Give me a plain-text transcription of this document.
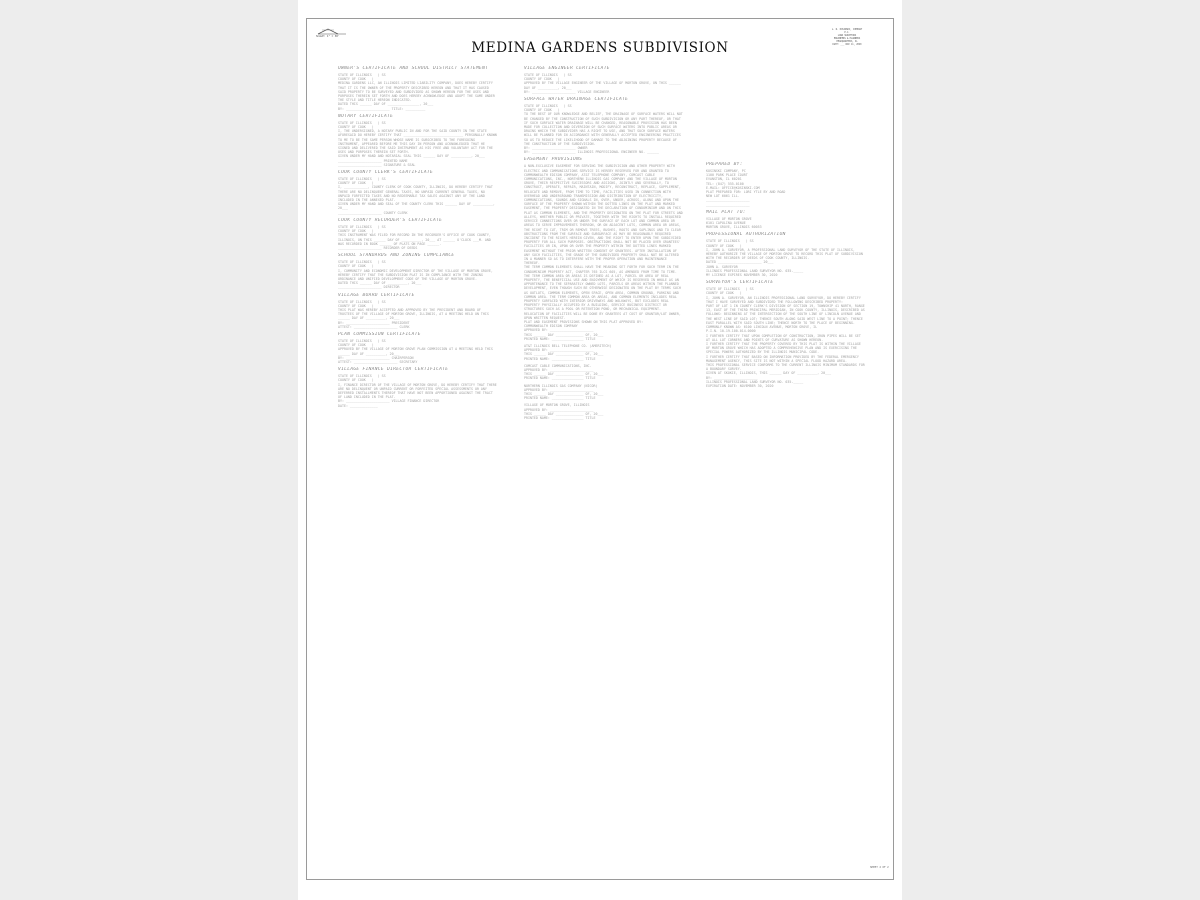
SCALE: 1" = 30'
MEDINA GARDENS SUBDIVISION
L. R. KOSINSKI, COMPANY
P.C.
LAND SURVEYORS
ENGINEERS & PLANNERS
HEADQUARTERS, IL
DATE: ___ NOV 11, 2020
OWNER'S CERTIFICATE AND SCHOOL DISTRICT STATEMENT
STATE OF ILLINOIS   ) SS
COUNTY OF COOK   )
MEDINA GARDENS LLC, AN ILLINOIS LIMITED LIABILITY COMPANY, DOES HEREBY CERTIFY THAT IT IS THE OWNER OF THE PROPERTY DESCRIBED HEREON AND THAT IT HAS CAUSED SAID PROPERTY TO BE SURVEYED AND SUBDIVIDED AS SHOWN HEREON FOR THE USES AND PURPOSES THEREIN SET FORTH AND DOES HEREBY ACKNOWLEDGE AND ADOPT THE SAME UNDER THE STYLE AND TITLE HEREON INDICATED.
DATED THIS ______ DAY OF ________________, 20___
BY: ______________________ TITLE: __________
NOTARY CERTIFICATE
STATE OF ILLINOIS   ) SS
COUNTY OF COOK   )
I, THE UNDERSIGNED, A NOTARY PUBLIC IN AND FOR THE SAID COUNTY IN THE STATE AFORESAID DO HEREBY CERTIFY THAT ______________________________ PERSONALLY KNOWN TO ME TO BE THE SAME PERSON WHOSE NAME IS SUBSCRIBED TO THE FOREGOING INSTRUMENT, APPEARED BEFORE ME THIS DAY IN PERSON AND ACKNOWLEDGED THAT HE SIGNED AND DELIVERED THE SAID INSTRUMENT AS HIS FREE AND VOLUNTARY ACT FOR THE USES AND PURPOSES THEREIN SET FORTH.
GIVEN UNDER MY HAND AND NOTARIAL SEAL THIS ______ DAY OF __________, 20___
______________________ PRINTED NAME
______________________ SIGNATURE & SEAL
COOK COUNTY CLERK'S CERTIFICATE
STATE OF ILLINOIS   ) SS
COUNTY OF COOK   )
I, ____________, COUNTY CLERK OF COOK COUNTY, ILLINOIS, DO HEREBY CERTIFY THAT THERE ARE NO DELINQUENT GENERAL TAXES, NO UNPAID CURRENT GENERAL TAXES, NO UNPAID FORFEITED TAXES AND NO REDEEMABLE TAX SALES AGAINST ANY OF THE LAND INCLUDED IN THE ANNEXED PLAT.
GIVEN UNDER MY HAND AND SEAL OF THE COUNTY CLERK THIS ______ DAY OF __________, 20___
______________________ COUNTY CLERK
COOK COUNTY RECORDER'S CERTIFICATE
STATE OF ILLINOIS   ) SS
COUNTY OF COOK   )
THIS INSTRUMENT WAS FILED FOR RECORD IN THE RECORDER'S OFFICE OF COOK COUNTY, ILLINOIS, ON THIS ______ DAY OF __________, 20___ AT ______ O'CLOCK ___M. AND WAS RECORDED IN BOOK ______ OF PLATS ON PAGE ______.
______________________ RECORDER OF DEEDS
SCHOOL STANDARDS AND ZONING COMPLIANCE
STATE OF ILLINOIS   ) SS
COUNTY OF COOK   )
I, COMMUNITY AND ECONOMIC DEVELOPMENT DIRECTOR OF THE VILLAGE OF MORTON GROVE, HEREBY CERTIFY THAT THE SUBDIVISION PLAT IS IN COMPLIANCE WITH THE ZONING ORDINANCE AND UNIFIED DEVELOPMENT CODE OF THE VILLAGE OF MORTON GROVE.
DATED THIS ______ DAY OF __________, 20___
______________________ DIRECTOR
VILLAGE BOARD CERTIFICATE
STATE OF ILLINOIS   ) SS
COUNTY OF COOK   )
THIS PLAT WAS HEREBY ACCEPTED AND APPROVED BY THE PRESIDENT AND BOARD OF TRUSTEES OF THE VILLAGE OF MORTON GROVE, ILLINOIS, AT A MEETING HELD ON THIS ______ DAY OF __________, 20___
BY: ______________________ PRESIDENT
ATTEST: ______________________ CLERK
PLAN COMMISSION CERTIFICATE
STATE OF ILLINOIS   ) SS
COUNTY OF COOK   )
APPROVED BY THE VILLAGE OF MORTON GROVE PLAN COMMISSION AT A MEETING HELD THIS ______ DAY OF __________, 20___
BY: ______________________ CHAIRPERSON
ATTEST: ______________________ SECRETARY
VILLAGE FINANCE DIRECTOR CERTIFICATE
STATE OF ILLINOIS   ) SS
COUNTY OF COOK   )
I, FINANCE DIRECTOR OF THE VILLAGE OF MORTON GROVE, DO HEREBY CERTIFY THAT THERE ARE NO DELINQUENT OR UNPAID CURRENT OR FORFEITED SPECIAL ASSESSMENTS OR ANY DEFERRED INSTALLMENTS THEREOF THAT HAVE NOT BEEN APPORTIONED AGAINST THE TRACT OF LAND INCLUDED IN THE PLAT.
BY: ______________________ VILLAGE FINANCE DIRECTOR
DATE: ______________
VILLAGE ENGINEER CERTIFICATE
STATE OF ILLINOIS   ) SS
COUNTY OF COOK   )
APPROVED BY THE VILLAGE ENGINEER OF THE VILLAGE OF MORTON GROVE, ON THIS ______ DAY OF __________, 20___
BY: ______________________ VILLAGE ENGINEER
SURFACE WATER DRAINAGE CERTIFICATE
STATE OF ILLINOIS   ) SS
COUNTY OF COOK   )
TO THE BEST OF OUR KNOWLEDGE AND BELIEF, THE DRAINAGE OF SURFACE WATERS WILL NOT BE CHANGED BY THE CONSTRUCTION OF SUCH SUBDIVISION OR ANY PART THEREOF, OR THAT IF SUCH SURFACE WATER DRAINAGE WILL BE CHANGED, REASONABLE PROVISION HAS BEEN MADE FOR COLLECTION AND DIVERSION OF SUCH SURFACE WATERS INTO PUBLIC AREAS OR DRAINS WHICH THE SUBDIVIDER HAS A RIGHT TO USE, AND THAT SUCH SURFACE WATERS WILL BE PLANNED FOR IN ACCORDANCE WITH GENERALLY ACCEPTED ENGINEERING PRACTICES SO AS TO REDUCE THE LIKELIHOOD OF DAMAGE TO THE ADJOINING PROPERTY BECAUSE OF THE CONSTRUCTION OF THE SUBDIVISION.
BY: ______________________ OWNER
BY: ______________________ ILLINOIS PROFESSIONAL ENGINEER NO. ______
EASEMENT PROVISIONS
A NON-EXCLUSIVE EASEMENT FOR SERVING THE SUBDIVISION AND OTHER PROPERTY WITH ELECTRIC AND COMMUNICATIONS SERVICE IS HEREBY RESERVED FOR AND GRANTED TO COMMONWEALTH EDISON COMPANY, AT&T TELEPHONE COMPANY, COMCAST CABLE COMMUNICATIONS, INC., NORTHERN ILLINOIS GAS COMPANY AND THE VILLAGE OF MORTON GROVE, THEIR RESPECTIVE SUCCESSORS AND ASSIGNS, JOINTLY AND SEVERALLY, TO CONSTRUCT, OPERATE, REPAIR, MAINTAIN, MODIFY, RECONSTRUCT, REPLACE, SUPPLEMENT, RELOCATE AND REMOVE, FROM TIME TO TIME, FACILITIES USED IN CONNECTION WITH OVERHEAD AND UNDERGROUND TRANSMISSION AND DISTRIBUTION OF ELECTRICITY, COMMUNICATIONS, SOUNDS AND SIGNALS IN, OVER, UNDER, ACROSS, ALONG AND UPON THE SURFACE OF THE PROPERTY SHOWN WITHIN THE DOTTED LINES ON THE PLAT AND MARKED EASEMENT, THE PROPERTY DESIGNATED IN THE DECLARATION OF CONDOMINIUM AND ON THIS PLAT AS COMMON ELEMENTS, AND THE PROPERTY DESIGNATED ON THE PLAT FOR STREETS AND ALLEYS, WHETHER PUBLIC OR PRIVATE, TOGETHER WITH THE RIGHTS TO INSTALL REQUIRED SERVICE CONNECTIONS OVER OR UNDER THE SURFACE OF EACH LOT AND COMMON AREA OR AREAS TO SERVE IMPROVEMENTS THEREON, OR ON ADJACENT LOTS, COMMON AREA OR AREAS, THE RIGHT TO CUT, TRIM OR REMOVE TREES, BUSHES, ROOTS AND SAPLINGS AND TO CLEAR OBSTRUCTIONS FROM THE SURFACE AND SUBSURFACE AS MAY BE REASONABLY REQUIRED INCIDENT TO THE RIGHTS HEREIN GIVEN, AND THE RIGHT TO ENTER UPON THE SUBDIVIDED PROPERTY FOR ALL SUCH PURPOSES. OBSTRUCTIONS SHALL NOT BE PLACED OVER GRANTEES' FACILITIES OR IN, UPON OR OVER THE PROPERTY WITHIN THE DOTTED LINES MARKED EASEMENT WITHOUT THE PRIOR WRITTEN CONSENT OF GRANTEES. AFTER INSTALLATION OF ANY SUCH FACILITIES, THE GRADE OF THE SUBDIVIDED PROPERTY SHALL NOT BE ALTERED IN A MANNER SO AS TO INTERFERE WITH THE PROPER OPERATION AND MAINTENANCE THEREOF.
THE TERM COMMON ELEMENTS SHALL HAVE THE MEANING SET FORTH FOR SUCH TERM IN THE CONDOMINIUM PROPERTY ACT, CHAPTER 765 ILCS 605, AS AMENDED FROM TIME TO TIME.
THE TERM COMMON AREA OR AREAS IS DEFINED AS A LOT, PARCEL OR AREA OF REAL PROPERTY, THE BENEFICIAL USE AND ENJOYMENT OF WHICH IS RESERVED IN WHOLE AS AN APPURTENANCE TO THE SEPARATELY OWNED LOTS, PARCELS OR AREAS WITHIN THE PLANNED DEVELOPMENT, EVEN THOUGH SUCH BE OTHERWISE DESIGNATED ON THE PLAT BY TERMS SUCH AS OUTLOTS, COMMON ELEMENTS, OPEN SPACE, OPEN AREA, COMMON GROUND, PARKING AND COMMON AREA. THE TERM COMMON AREA OR AREAS, AND COMMON ELEMENTS INCLUDES REAL PROPERTY SURFACED WITH INTERIOR DRIVEWAYS AND WALKWAYS, BUT EXCLUDES REAL PROPERTY PHYSICALLY OCCUPIED BY A BUILDING, SERVICE BUSINESS DISTRICT OR STRUCTURES SUCH AS A POOL OR RETENTION POND, OR MECHANICAL EQUIPMENT.
RELOCATION OF FACILITIES WILL BE DONE BY GRANTEES AT COST OF GRANTOR/LOT OWNER, UPON WRITTEN REQUEST.
PLAT AND EASEMENT PROVISIONS SHOWN ON THIS PLAT APPROVED BY:
COMMONWEALTH EDISON COMPANY
APPROVED BY: ______________________
THIS ______ DAY ______________ OF, 20___
PRINTED NAME: ________________ TITLE
AT&T ILLINOIS BELL TELEPHONE CO. (AMERITECH)
APPROVED BY: ______________________
THIS ______ DAY ______________ OF, 20___
PRINTED NAME: ________________ TITLE
COMCAST CABLE COMMUNICATIONS, INC.
APPROVED BY: ______________________
THIS ______ DAY ______________ OF, 20___
PRINTED NAME: ________________ TITLE
NORTHERN ILLINOIS GAS COMPANY (NICOR)
APPROVED BY: ______________________
THIS ______ DAY ______________ OF, 20___
PRINTED NAME: ________________ TITLE
VILLAGE OF MORTON GROVE, ILLINOIS
APPROVED BY: ______________________
THIS ______ DAY ______________ OF, 20___
PRINTED NAME: ________________ TITLE
PREPARED BY:
KOSINSKI COMPANY, PC
1100 PARK PLACE COURT
EVANSTON, IL 60201
TEL: (847) 555-0100
E-MAIL: OFFICE@KOSINSKI.COM
PLAT PREPARED FOR: LORI YTLE BY AND ROAD
NEW LOT 6061 ILL.
______________________
______________________
MAIL PLAT TO:
VILLAGE OF MORTON GROVE
6101 CAPULINA AVENUE
MORTON GROVE, ILLINOIS 60053
PROFESSIONAL AUTHORIZATION
STATE OF ILLINOIS   ) SS
COUNTY OF COOK   )
I, JOHN A. SURVEYOR, A PROFESSIONAL LAND SURVEYOR OF THE STATE OF ILLINOIS, HEREBY AUTHORIZE THE VILLAGE OF MORTON GROVE TO RECORD THIS PLAT OF SUBDIVISION WITH THE RECORDER OF DEEDS OF COOK COUNTY, ILLINOIS.
DATED ______________________ 20___
JOHN A. SURVEYOR
ILLINOIS PROFESSIONAL LAND SURVEYOR NO. 035-_____
MY LICENSE EXPIRES NOVEMBER 30, 2020
SURVEYOR'S CERTIFICATE
STATE OF ILLINOIS   ) SS
COUNTY OF COOK   )
I, JOHN A. SURVEYOR, AN ILLINOIS PROFESSIONAL LAND SURVEYOR, DO HEREBY CERTIFY THAT I HAVE SURVEYED AND SUBDIVIDED THE FOLLOWING DESCRIBED PROPERTY:
PART OF LOT 1 IN COUNTY CLERK'S DIVISION OF SECTION 19, TOWNSHIP 41 NORTH, RANGE 13, EAST OF THE THIRD PRINCIPAL MERIDIAN, IN COOK COUNTY, ILLINOIS, DESCRIBED AS FOLLOWS: BEGINNING AT THE INTERSECTION OF THE SOUTH LINE OF LINCOLN AVENUE AND THE WEST LINE OF SAID LOT; THENCE SOUTH ALONG SAID WEST LINE TO A POINT; THENCE EAST PARALLEL WITH SAID SOUTH LINE; THENCE NORTH TO THE PLACE OF BEGINNING.
COMMONLY KNOWN AS: 6100 LINCOLN AVENUE, MORTON GROVE, IL
P.I.N. 10-19-100-014-0000
I FURTHER CERTIFY THAT UPON COMPLETION OF CONSTRUCTION, IRON PIPES WILL BE SET AT ALL LOT CORNERS AND POINTS OF CURVATURE AS SHOWN HEREON.
I FURTHER CERTIFY THAT THE PROPERTY COVERED BY THIS PLAT IS WITHIN THE VILLAGE OF MORTON GROVE WHICH HAS ADOPTED A COMPREHENSIVE PLAN AND IS EXERCISING THE SPECIAL POWERS AUTHORIZED BY THE ILLINOIS MUNICIPAL CODE.
I FURTHER CERTIFY THAT BASED ON INFORMATION PROVIDED BY THE FEDERAL EMERGENCY MANAGEMENT AGENCY, THIS SITE IS NOT WITHIN A SPECIAL FLOOD HAZARD AREA.
THIS PROFESSIONAL SERVICE CONFORMS TO THE CURRENT ILLINOIS MINIMUM STANDARDS FOR A BOUNDARY SURVEY.
GIVEN AT SKOKIE, ILLINOIS, THIS ______ DAY OF __________, 20___
BY: ______________________
ILLINOIS PROFESSIONAL LAND SURVEYOR NO. 035-_____
EXPIRATION DATE: NOVEMBER 30, 2020
SHEET 2 OF 2
